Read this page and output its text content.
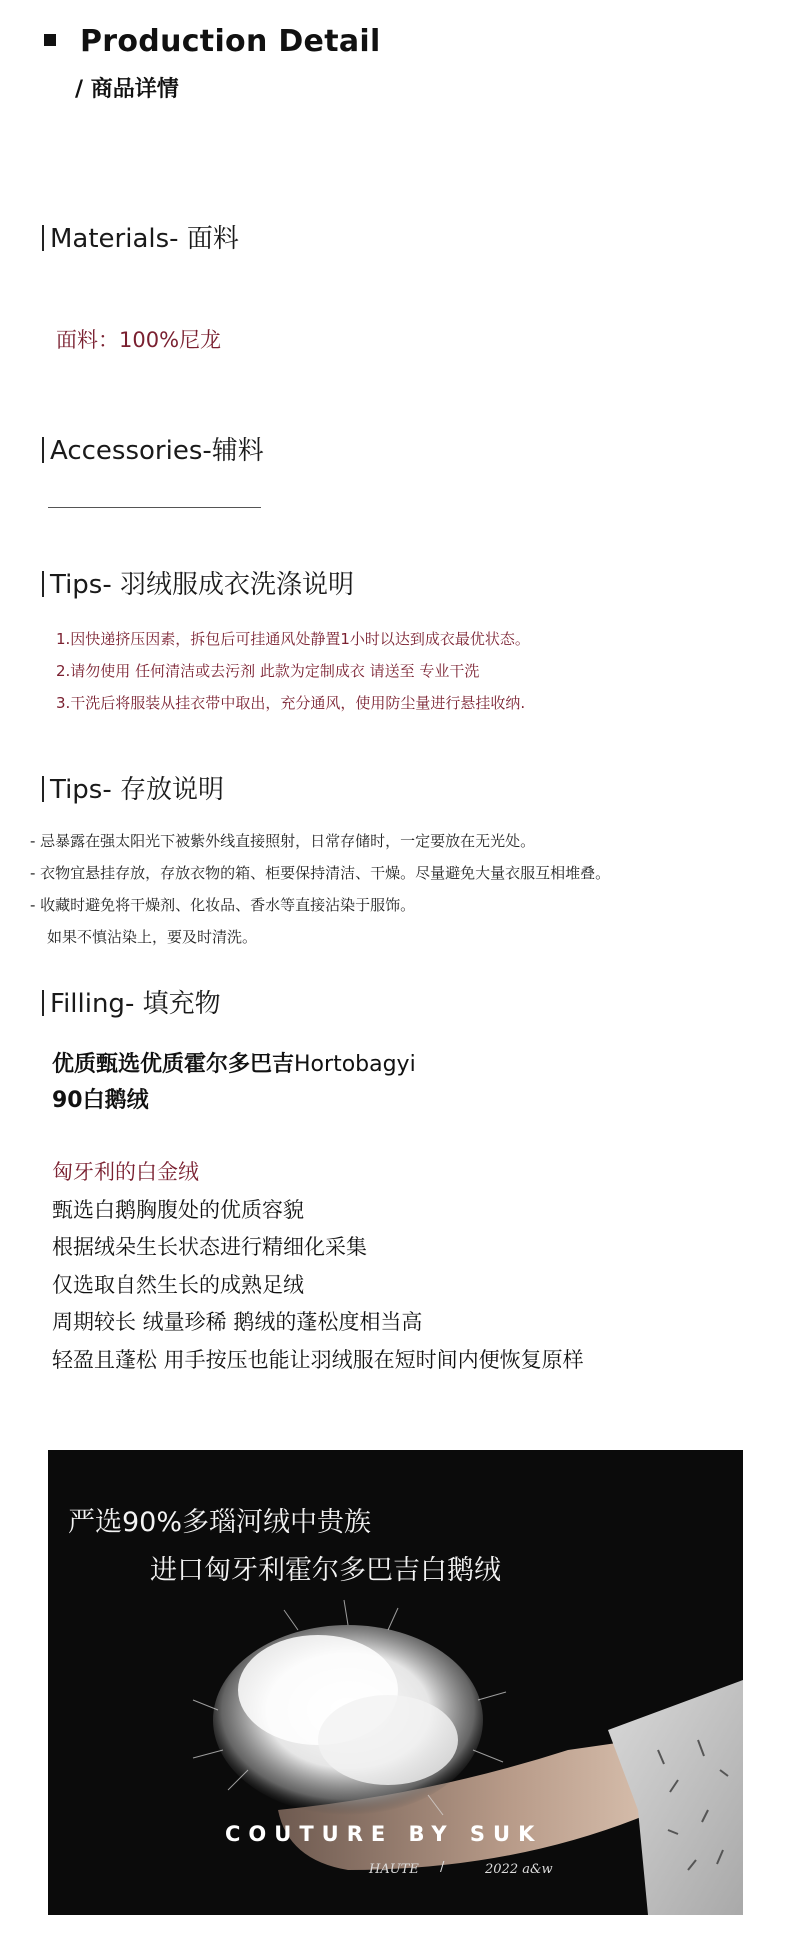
Production Detail
/ 商品详情
Materials- 面料
面料：100%尼龙
Accessories-辅料
Tips- 羽绒服成衣洗涤说明
1.因快递挤压因素，拆包后可挂通风处静置1小时以达到成衣最优状态。
2.请勿使用 任何清洁或去污剂 此款为定制成衣 请送至 专业干洗
3.干洗后将服装从挂衣带中取出，充分通风，使用防尘量进行悬挂收纳.
Tips- 存放说明
- 忌暴露在强太阳光下被紫外线直接照射，日常存储时，一定要放在无光处。
- 衣物宜悬挂存放，存放衣物的箱、柜要保持清洁、干燥。尽量避免大量衣服互相堆叠。
- 收藏时避免将干燥剂、化妆品、香水等直接沾染于服饰。
如果不慎沾染上，要及时清洗。
Filling- 填充物
优质甄选优质霍尔多巴吉Hortobagyi
90白鹅绒
匈牙利的白金绒
甄选白鹅胸腹处的优质容貌
根据绒朵生长状态进行精细化采集
仅选取自然生长的成熟足绒
周期较长 绒量珍稀 鹅绒的蓬松度相当高
轻盈且蓬松 用手按压也能让羽绒服在短时间内便恢复原样
严选90%多瑙河绒中贵族
进口匈牙利霍尔多巴吉白鹅绒
COUTURE BY SUK
HAUTE /	2022 a&w
